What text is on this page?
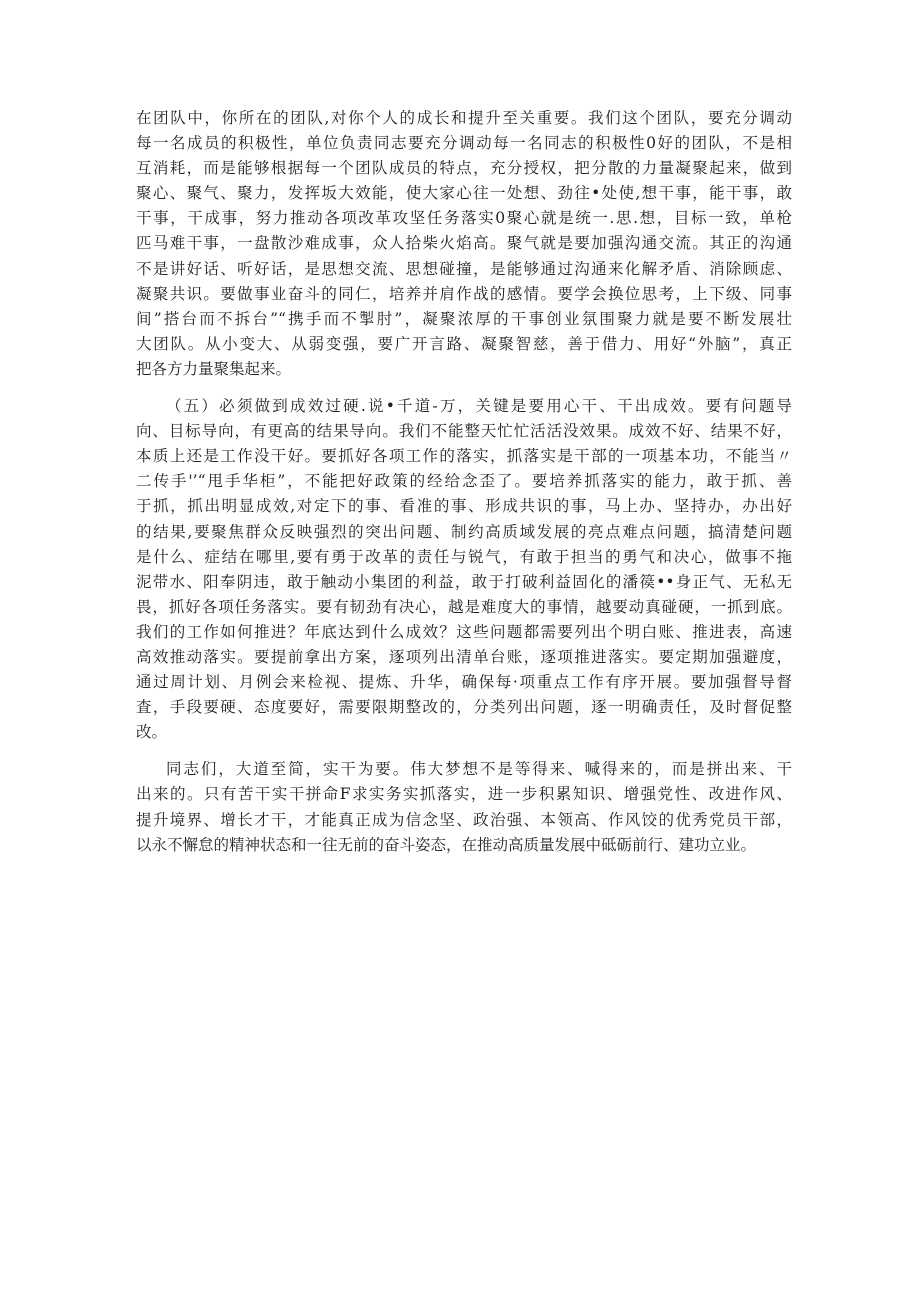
在团队中，你所在的团队,对你个人的成长和提升至关重要。我们这个团队，要充分调动
每一名成员的积极性，单位负责同志要充分调动每一名同志的积极性0好的团队，不是相
互消耗，而是能够根据每一个团队成员的特点，充分授权，把分散的力量凝聚起来，做到
聚心、聚气、聚力，发挥坂大效能，使大家心往一处想、劲往•处使,想干事，能干事，敢
干事，干成事，努力推动各项改革攻坚任务落实0聚心就是统一.思.想，目标一致，单枪
匹马难干事，一盘散沙难成事，众人拾柴火焰高。聚气就是要加强沟通交流。其正的沟通
不是讲好话、听好话，是思想交流、思想碰撞，是能够通过沟通来化解矛盾、消除顾虑、
凝聚共识。要做事业奋斗的同仁，培养并肩作战的感情。要学会换位思考，上下级、同事
间”搭台而不拆台”“携手而不掣肘”，凝聚浓厚的干事创业氛围聚力就是要不断发展壮
大团队。从小变大、从弱变强，要广开言路、凝聚智慈，善于借力、用好“外脑”，真正
把各方力量聚集起来。
（五）必须做到成效过硬.说•千道-万，关键是要用心干、干出成效。要有问题导
向、目标导向，有更高的结果导向。我们不能整天忙忙活活没效果。成效不好、结果不好，
本质上还是工作没干好。要抓好各项工作的落实，抓落实是干部的一项基本功，不能当〃
二传手'’“甩手华柜”，不能把好政策的经给念歪了。要培养抓落实的能力，敢于抓、善
于抓，抓出明显成效,对定下的事、看准的事、形成共识的事，马上办、坚持办，办出好
的结果,要聚焦群众反映强烈的突出问题、制约高质域发展的亮点难点问题，搞清楚问题
是什么、症结在哪里,要有勇于改革的责任与锐气，有敢于担当的勇气和决心，做事不拖
泥带水、阳奉阴违，敢于触动小集团的利益，敢于打破利益固化的潘篌••身正气、无私无
畏，抓好各项任务落实。要有韧劲有决心，越是难度大的事情，越要动真碰硬，一抓到底。
我们的工作如何推进？年底达到什么成效？这些问题都需要列出个明白账、推进表，高速
高效推动落实。要提前拿出方案，逐项列出清单台账，逐项推进落实。要定期加强避度，
通过周计划、月例会来检视、提炼、升华，确保每·项重点工作有序开展。要加强督导督
査，手段要硬、态度要好，需要限期整改的，分类列出问题，逐一明确责任，及时督促整
改。
同志们，大道至简，实干为要。伟大梦想不是等得来、喊得来的，而是拼出来、干
出来的。只有苦干实干拼命F求实务实抓落实，进一步积累知识、增强党性、改进作风、
提升境界、增长才干，才能真正成为信念坚、政治强、本领高、作风饺的优秀党员干部，
以永不懈怠的精神状态和一往无前的奋斗姿态，在推动高质量发展中砥砺前行、建功立业。
